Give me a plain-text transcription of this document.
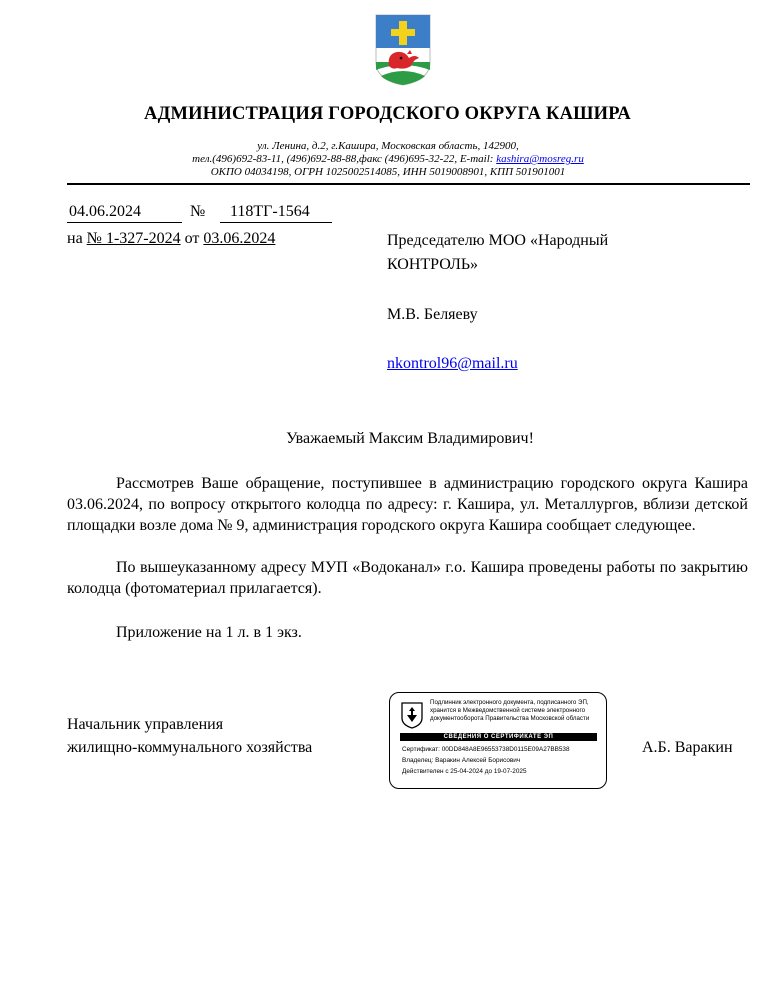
АДМИНИСТРАЦИЯ ГОРОДСКОГО ОКРУГА КАШИРА
ул. Ленина, д.2, г.Кашира, Московская область, 142900,
тел.(496)692-83-11, (496)692-88-88,факс (496)695-32-22, E-mail: kashira@mosreg.ru
ОКПО 04034198, ОГРН 1025002514085, ИНН 5019008901, КПП 501901001
04.06.2024	№	118ТГ-1564
на № 1-327-2024 от 03.06.2024	Председателю МОО «Народный
КОНТРОЛЬ»
М.В. Беляеву
nkontrol96@mail.ru
Уважаемый Максим Владимирович!
Рассмотрев Ваше обращение, поступившее в администрацию городского округа Кашира 03.06.2024, по вопросу открытого колодца по адресу: г. Кашира, ул. Металлургов, вблизи детской площадки возле дома № 9, администрация городского округа Кашира сообщает следующее.
По вышеуказанному адресу МУП «Водоканал» г.о. Кашира проведены работы по закрытию колодца (фотоматериал прилагается).
Приложение на 1 л. в 1 экз.
Начальник управления
жилищно-коммунального хозяйства	А.Б. Варакин
Подлинник электронного документа, подписанного ЭП, хранится в Межведомственной системе электронного документооборота Правительства Московской области
СВЕДЕНИЯ О СЕРТИФИКАТЕ ЭП
Сертификат: 00DD848A8E96553738D0115E09A27BB538
Владелец: Варакин Алексей Борисович
Действителен с 25-04-2024 до 19-07-2025
